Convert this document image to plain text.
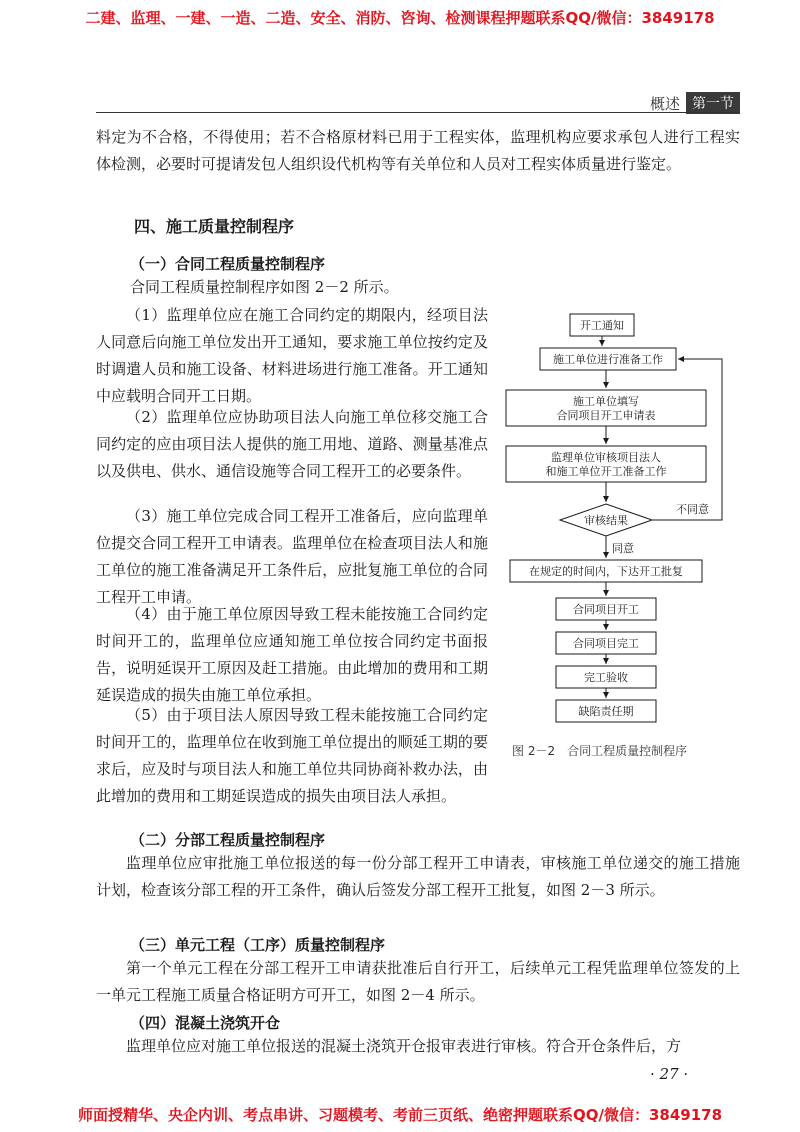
二建、监理、一建、一造、二造、安全、消防、咨询、检测课程押题联系QQ/微信：3849178
概述 第一节

料定为不合格，不得使用；若不合格原材料已用于工程实体，监理机构应要求承包人进行工程实体检测，必要时可提请发包人组织设代机构等有关单位和人员对工程实体质量进行鉴定。

四、施工质量控制程序
（一）合同工程质量控制程序

合同工程质量控制程序如图 2－2 所示。

（1）监理单位应在施工合同约定的期限内，经项目法人同意后向施工单位发出开工通知，要求施工单位按约定及时调遣人员和施工设备、材料进场进行施工准备。开工通知中应载明合同开工日期。

（2）监理单位应协助项目法人向施工单位移交施工合同约定的应由项目法人提供的施工用地、道路、测量基准点以及供电、供水、通信设施等合同工程开工的必要条件。

（3）施工单位完成合同工程开工准备后，应向监理单位提交合同工程开工申请表。监理单位在检查项目法人和施工单位的施工准备满足开工条件后，应批复施工单位的合同工程开工申请。

（4）由于施工单位原因导致工程未能按施工合同约定时间开工的，监理单位应通知施工单位按合同约定书面报告，说明延误开工原因及赶工措施。由此增加的费用和工期延误造成的损失由施工单位承担。

（5）由于项目法人原因导致工程未能按施工合同约定时间开工的，监理单位在收到施工单位提出的顺延工期的要求后，应及时与项目法人和施工单位共同协商补救办法，由此增加的费用和工期延误造成的损失由项目法人承担。

开工通知
施工单位进行准备工作
施工单位填写
合同项目开工申请表
监理单位审核项目法人
和施工单位开工准备工作
审核结果
在规定的时间内，下达开工批复
合同项目开工
合同项目完工
完工验收
缺陷责任期
不同意
同意
图 2－2　合同工程质量控制程序
（二）分部工程质量控制程序

监理单位应审批施工单位报送的每一份分部工程开工申请表，审核施工单位递交的施工措施计划，检查该分部工程的开工条件，确认后签发分部工程开工批复，如图 2－3 所示。

（三）单元工程（工序）质量控制程序

第一个单元工程在分部工程开工申请获批准后自行开工，后续单元工程凭监理单位签发的上一单元工程施工质量合格证明方可开工，如图 2－4 所示。

（四）混凝土浇筑开仓

监理单位应对施工单位报送的混凝土浇筑开仓报审表进行审核。符合开仓条件后，方

· 27 ·
师面授精华、央企内训、考点串讲、习题模考、考前三页纸、绝密押题联系QQ/微信：3849178
